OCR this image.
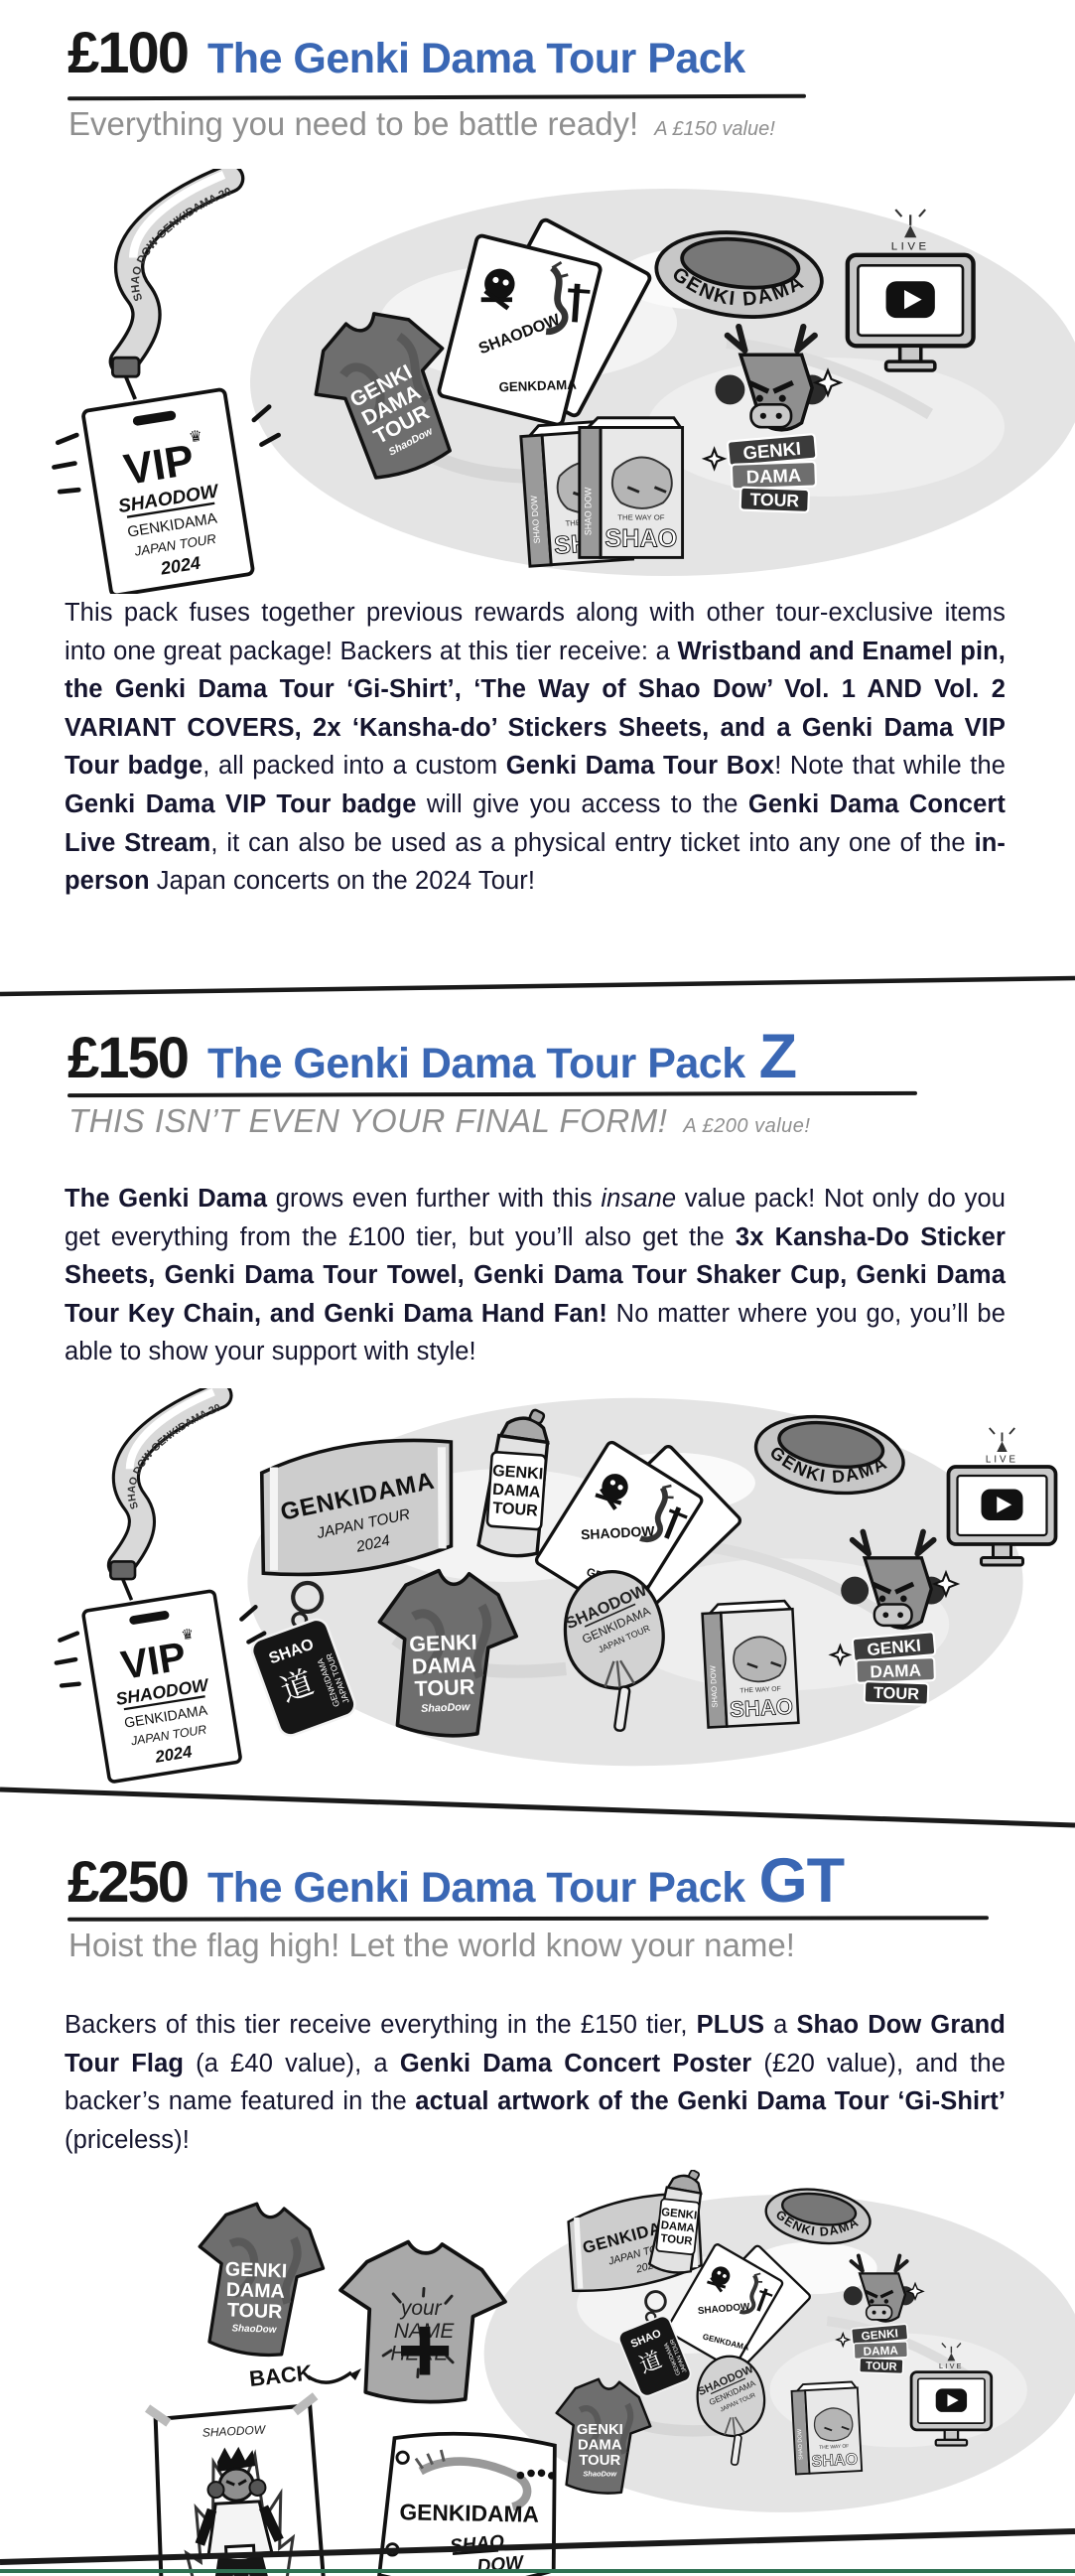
£100 The Genki Dama Tour Pack
Everything you need to be battle ready! A £150 value!
This pack fuses together previous rewards along with other tour-exclusive items into one great package! Backers at this tier receive: a Wristband and Enamel pin, the Genki Dama Tour ‘Gi-Shirt’, ‘The Way of Shao Dow’ Vol. 1 AND Vol. 2 VARIANT COVERS, 2x ‘Kansha-do’ Stickers Sheets, and a Genki Dama VIP Tour badge, all packed into a custom Genki Dama Tour Box! Note that while the Genki Dama VIP Tour badge will give you access to the Genki Dama Concert Live Stream, it can also be used as a physical entry ticket into any one of the in-person Japan concerts on the 2024 Tour!
£150 The Genki Dama Tour Pack Z
THIS ISN’T EVEN YOUR FINAL FORM! A £200 value!
The Genki Dama grows even further with this insane value pack! Not only do you get everything from the £100 tier, but you’ll also get the 3x Kansha-Do Sticker Sheets, Genki Dama Tour Towel, Genki Dama Tour Shaker Cup, Genki Dama Tour Key Chain, and Genki Dama Hand Fan! No matter where you go, you’ll be able to show your support with style!
£250 The Genki Dama Tour Pack GT
Hoist the flag high! Let the world know your name!
Backers of this tier receive everything in the £150 tier, PLUS a Shao Dow Grand Tour Flag (a £40 value), a Genki Dama Concert Poster (£20 value), and the backer’s name featured in the actual artwork of the Genki Dama Tour ‘Gi-Shirt’ (priceless)!
BACK +
